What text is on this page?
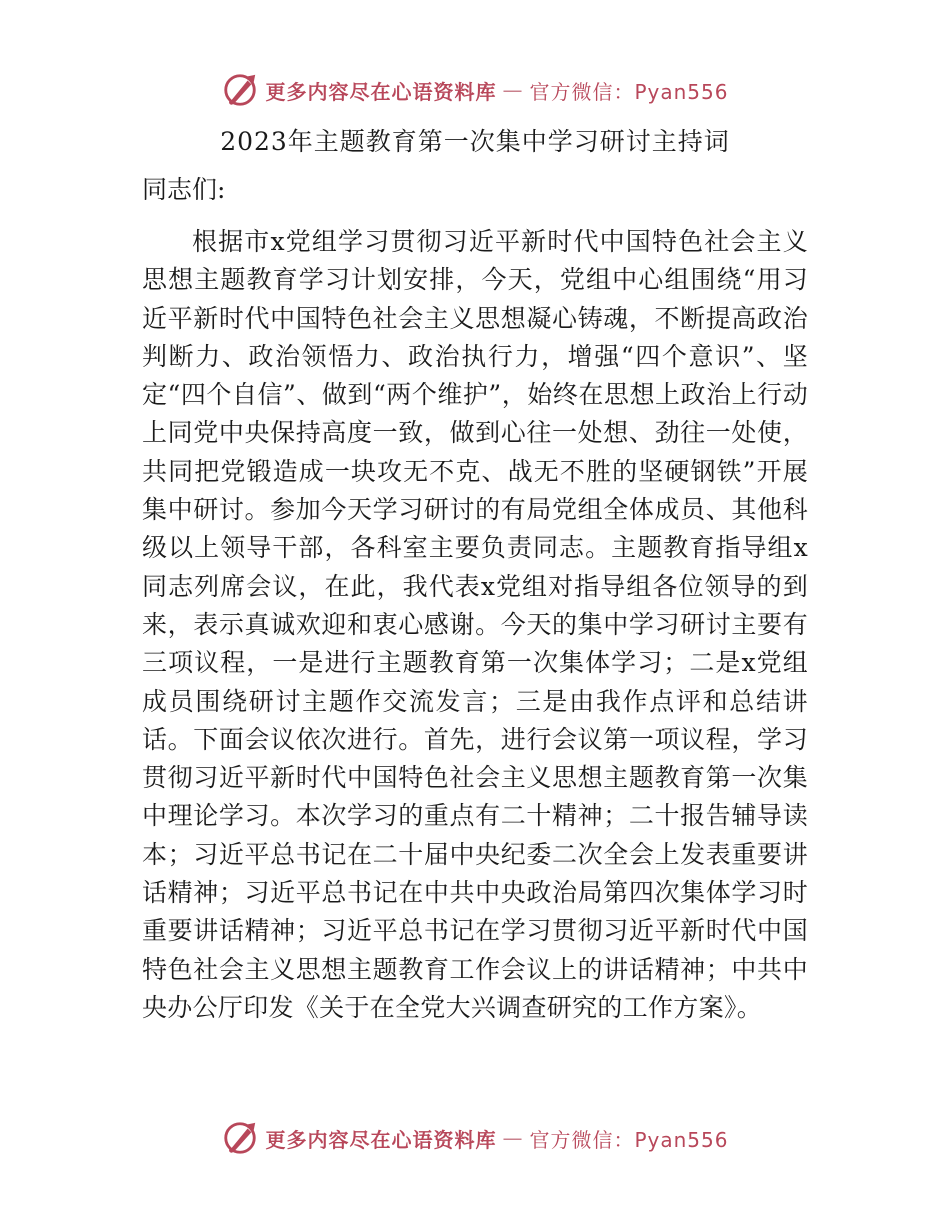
更多内容尽在心语资料库 — 官方微信：Pyan556
2023年主题教育第一次集中学习研讨主持词
同志们:

根据市x党组学习贯彻习近平新时代中国特色社会主义思想主题教育学习计划安排，今天，党组中心组围绕“用习近平新时代中国特色社会主义思想凝心铸魂，不断提高政治判断力、政治领悟力、政治执行力，增强“四个意识”、坚定“四个自信”、做到“两个维护”，始终在思想上政治上行动上同党中央保持高度一致，做到心往一处想、劲往一处使，共同把党锻造成一块攻无不克、战无不胜的坚硬钢铁”开展集中研讨。参加今天学习研讨的有局党组全体成员、其他科级以上领导干部，各科室主要负责同志。主题教育指导组x同志列席会议，在此，我代表x党组对指导组各位领导的到来，表示真诚欢迎和衷心感谢。今天的集中学习研讨主要有三项议程，一是进行主题教育第一次集体学习；二是x党组成员围绕研讨主题作交流发言；三是由我作点评和总结讲话。下面会议依次进行。首先，进行会议第一项议程，学习贯彻习近平新时代中国特色社会主义思想主题教育第一次集中理论学习。本次学习的重点有二十精神；二十报告辅导读本；习近平总书记在二十届中央纪委二次全会上发表重要讲话精神；习近平总书记在中共中央政治局第四次集体学习时重要讲话精神；习近平总书记在学习贯彻习近平新时代中国特色社会主义思想主题教育工作会议上的讲话精神；中共中央办公厅印发《关于在全党大兴调查研究的工作方案》。

更多内容尽在心语资料库 — 官方微信：Pyan556
